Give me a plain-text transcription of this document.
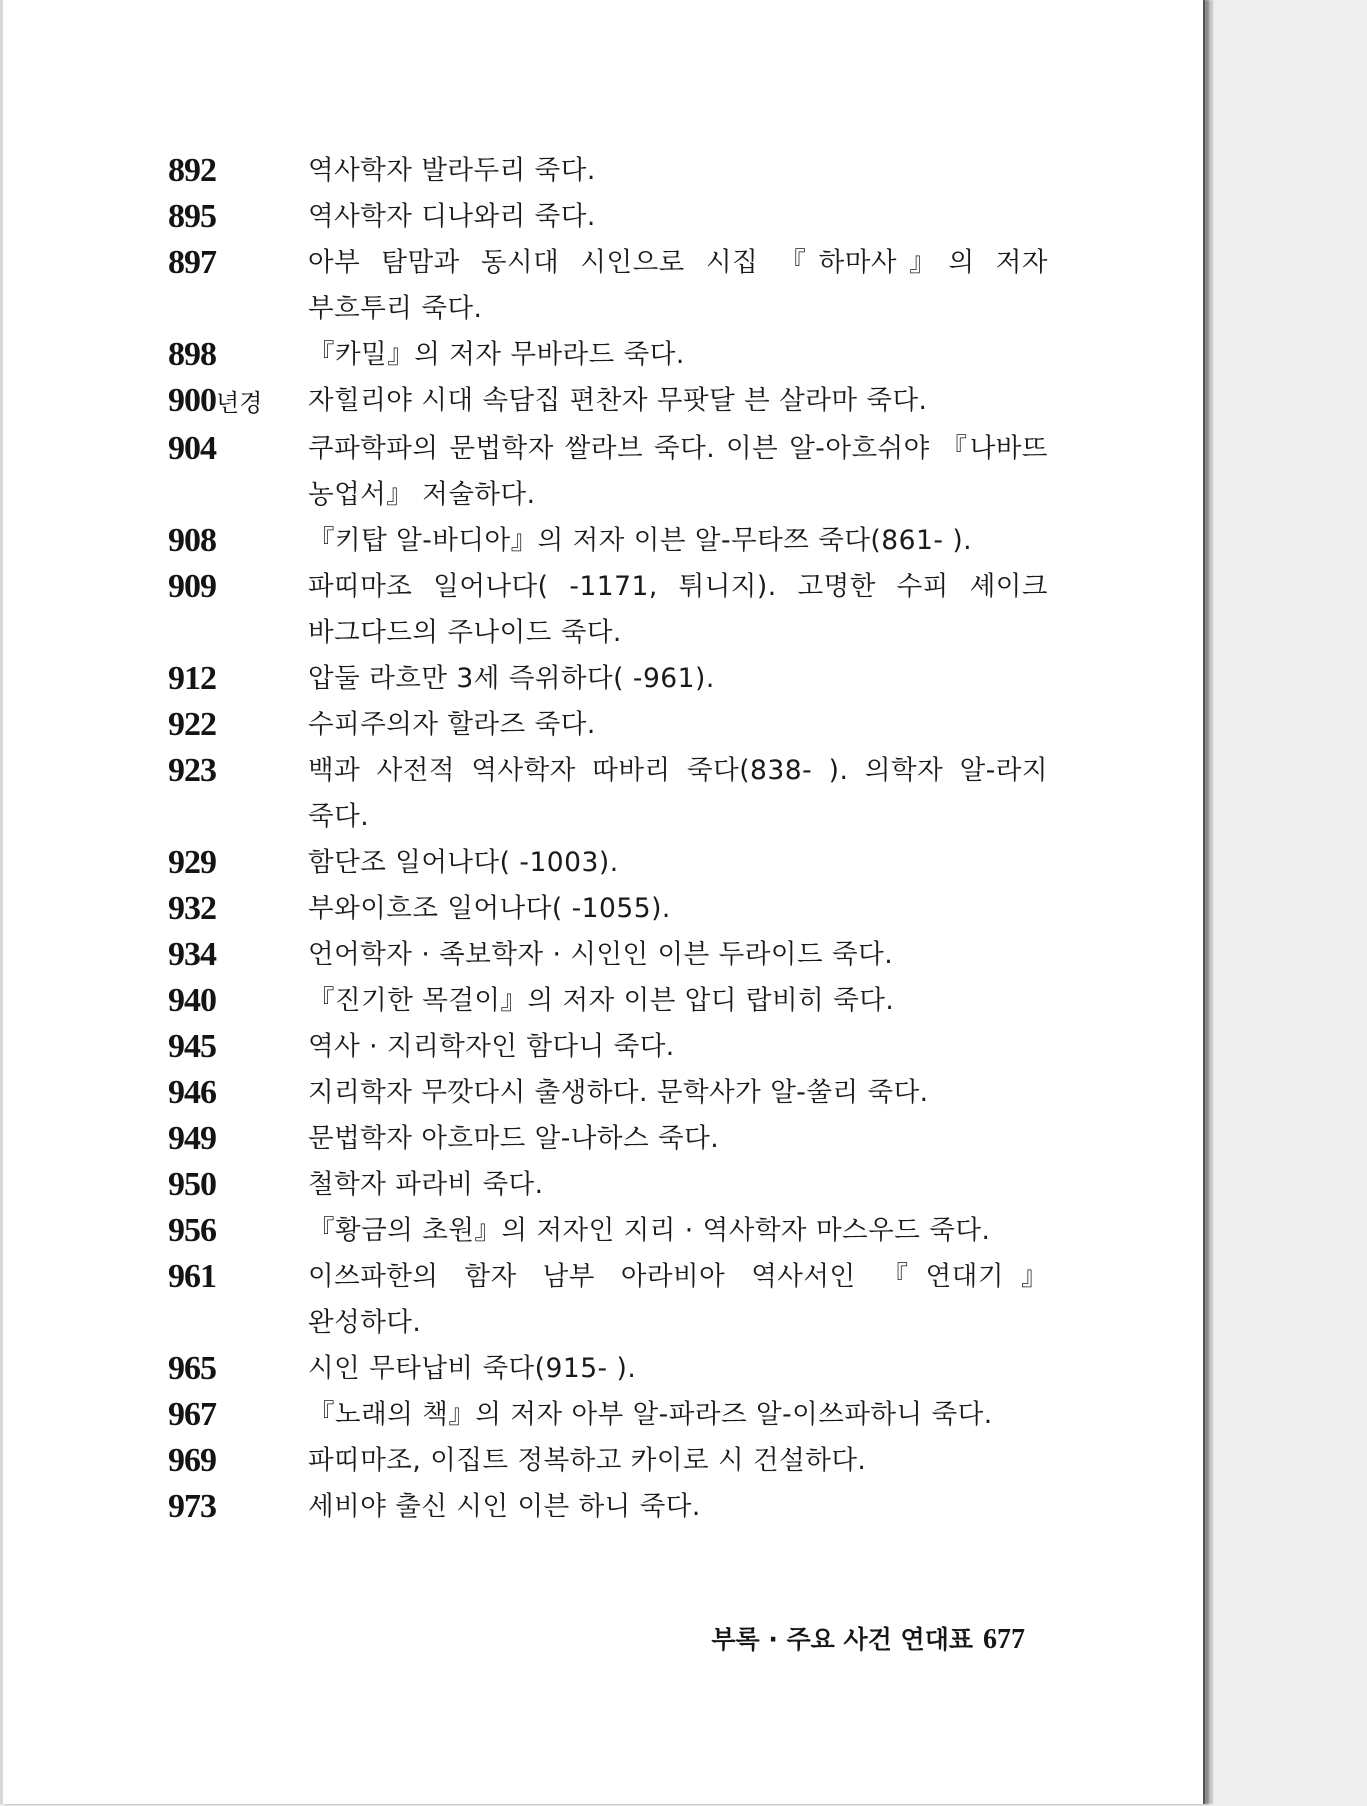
892	역사학자 발라두리 죽다.
895	역사학자 디나와리 죽다.
897	아부 탐맘과 동시대 시인으로 시집 『하마사』의 저자 부흐투리 죽다.
898	『카밀』의 저자 무바라드 죽다.
900년경	자힐리야 시대 속담집 편찬자 무팟달 븐 살라마 죽다.
904	쿠파학파의 문법학자 쌀라브 죽다. 이븐 알-아흐쉬야 『나바뜨 농업서』 저술하다.
908	『키탑 알-바디아』의 저자 이븐 알-무타쯔 죽다(861- ).
909	파띠마조 일어나다( -1171, 튀니지). 고명한 수피 셰이크 바그다드의 주나이드 죽다.
912	압둘 라흐만 3세 즉위하다( -961).
922	수피주의자 할라즈 죽다.
923	백과 사전적 역사학자 따바리 죽다(838- ). 의학자 알-라지 죽다.
929	함단조 일어나다( -1003).
932	부와이흐조 일어나다( -1055).
934	언어학자 · 족보학자 · 시인인 이븐 두라이드 죽다.
940	『진기한 목걸이』의 저자 이븐 압디 랍비히 죽다.
945	역사 · 지리학자인 함다니 죽다.
946	지리학자 무깟다시 출생하다. 문학사가 알-쑬리 죽다.
949	문법학자 아흐마드 알-나하스 죽다.
950	철학자 파라비 죽다.
956	『황금의 초원』의 저자인 지리 · 역사학자 마스우드 죽다.
961	이쓰파한의 함자 남부 아라비아 역사서인 『연대기』 완성하다.
965	시인 무타납비 죽다(915- ).
967	『노래의 책』의 저자 아부 알-파라즈 알-이쓰파하니 죽다.
969	파띠마조, 이집트 정복하고 카이로 시 건설하다.
973	세비야 출신 시인 이븐 하니 죽다.
부록 · 주요 사건 연대표 677
